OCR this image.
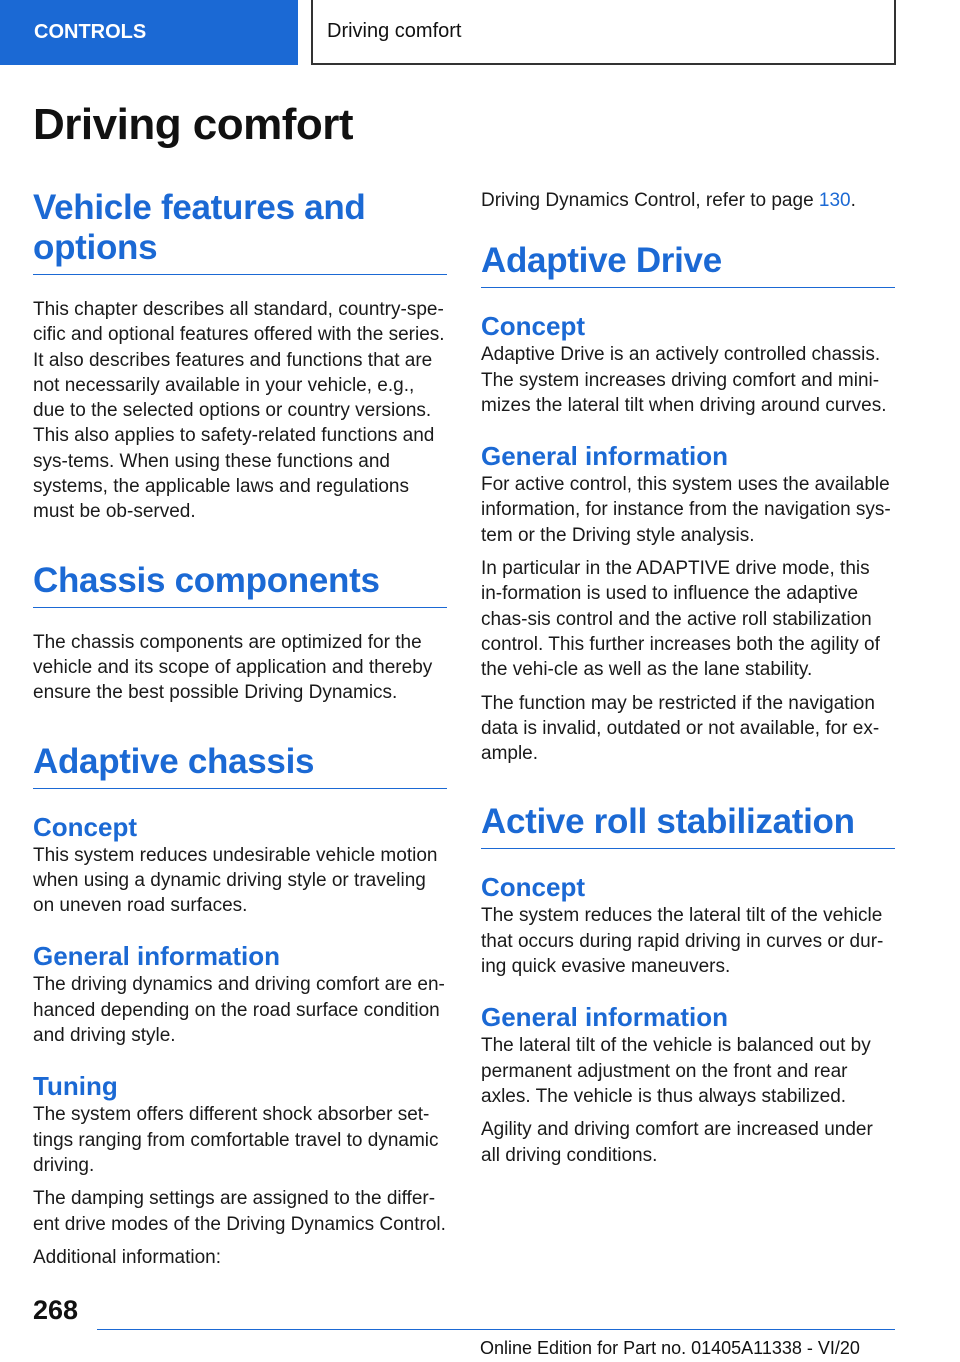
CONTROLS	Driving comfort
Driving comfort
Vehicle features and options

This chapter describes all standard, country-spe-cific and optional features offered with the series. It also describes features and functions that are not necessarily available in your vehicle, e.g., due to the selected options or country versions. This also applies to safety-related functions and sys-tems. When using these functions and systems, the applicable laws and regulations must be ob-served.

Chassis components

The chassis components are optimized for the vehicle and its scope of application and thereby ensure the best possible Driving Dynamics.

Adaptive chassis
Concept

This system reduces undesirable vehicle motion when using a dynamic driving style or traveling on uneven road surfaces.

General information

The driving dynamics and driving comfort are en-hanced depending on the road surface condition and driving style.

Tuning

The system offers different shock absorber set-tings ranging from comfortable travel to dynamic driving.

The damping settings are assigned to the differ-ent drive modes of the Driving Dynamics Control.

Additional information:

Driving Dynamics Control, refer to page 130.

Adaptive Drive
Concept

Adaptive Drive is an actively controlled chassis. The system increases driving comfort and mini-mizes the lateral tilt when driving around curves.

General information

For active control, this system uses the available information, for instance from the navigation sys-tem or the Driving style analysis.

In particular in the ADAPTIVE drive mode, this in-formation is used to influence the adaptive chas-sis control and the active roll stabilization control. This further increases both the agility of the vehi-cle as well as the lane stability.

The function may be restricted if the navigation data is invalid, outdated or not available, for ex-ample.

Active roll stabilization
Concept

The system reduces the lateral tilt of the vehicle that occurs during rapid driving in curves or dur-ing quick evasive maneuvers.

General information

The lateral tilt of the vehicle is balanced out by permanent adjustment on the front and rear axles. The vehicle is thus always stabilized.

Agility and driving comfort are increased under all driving conditions.

268

Online Edition for Part no. 01405A11338 - VI/20
